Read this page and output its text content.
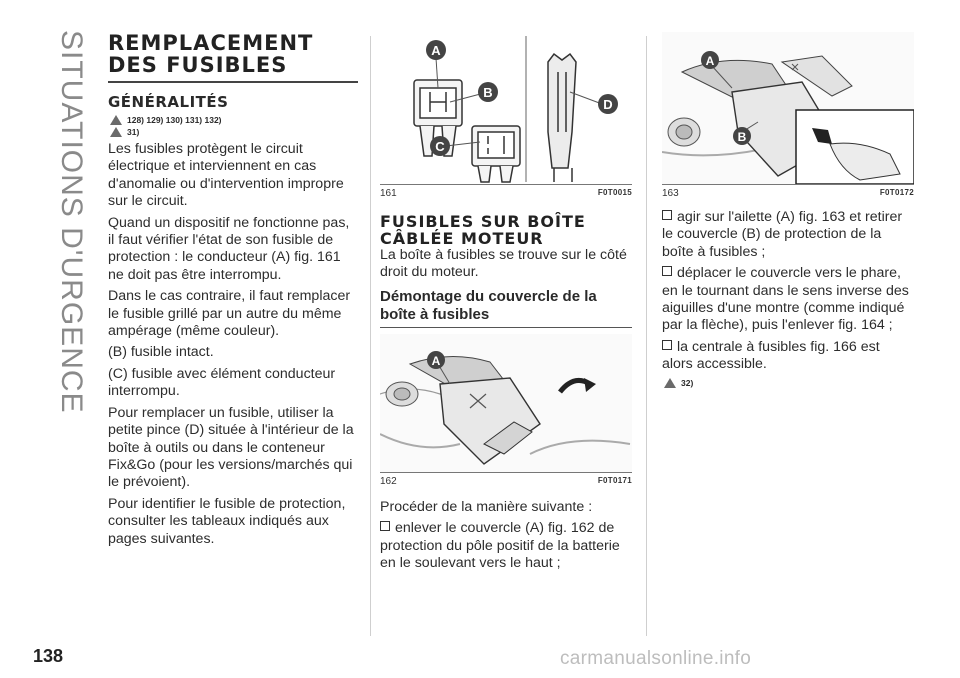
SITUATIONS D'URGENCE REMPLACEMENT
DES FUSIBLES
GÉNÉRALITÉS
128) 129) 130) 131) 132)
31)

Les fusibles protègent le circuit électrique et interviennent en cas d'anomalie ou d'intervention impropre sur le circuit.

Quand un dispositif ne fonctionne pas, il faut vérifier l'état de son fusible de protection : le conducteur (A) fig. 161 ne doit pas être interrompu.

Dans le cas contraire, il faut remplacer le fusible grillé par un autre du même ampérage (même couleur).

(B) fusible intact.

(C) fusible avec élément conducteur interrompu.

Pour remplacer un fusible, utiliser la petite pince (D) située à l'intérieur de la boîte à outils ou dans le conteneur Fix&Go (pour les versions/marchés qui le prévoient).

Pour identifier le fusible de protection, consulter les tableaux indiqués aux pages suivantes.

A
B
C
D
161	F0T0015
FUSIBLES SUR BOÎTE
CÂBLÉE MOTEUR

La boîte à fusibles se trouve sur le côté droit du moteur.

Démontage du couvercle de la
boîte à fusibles
A
162	F0T0171

Procéder de la manière suivante :

enlever le couvercle (A) fig. 162 de protection du pôle positif de la batterie en le soulevant vers le haut ;

A
B
163	F0T0172

agir sur l'ailette (A) fig. 163 et retirer le couvercle (B) de protection de la boîte à fusibles ;

déplacer le couvercle vers le phare, en le tournant dans le sens inverse des aiguilles d'une montre (comme indiqué par la flèche), puis l'enlever fig. 164 ;

la centrale à fusibles fig. 166 est alors accessible.

32)
138	carmanualsonline.info
